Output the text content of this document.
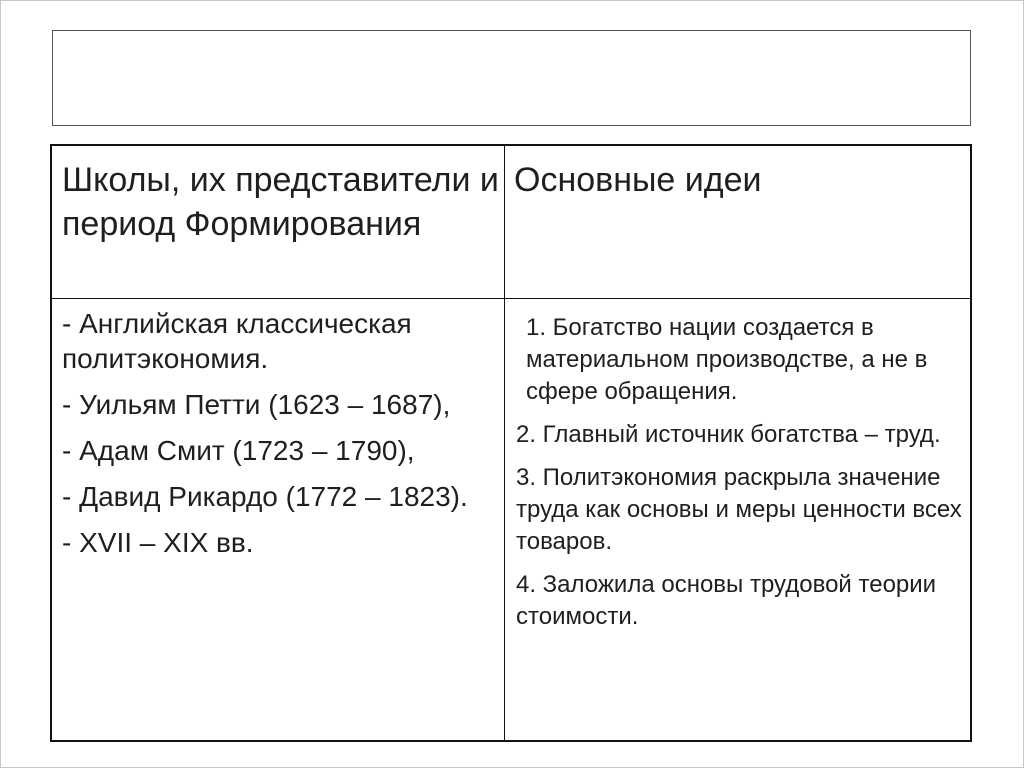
Школы, их представители и период Формирования
Основные идеи
- Английская классическая политэкономия.
- Уильям Петти (1623 – 1687),
- Адам Смит (1723 – 1790),
- Давид Рикардо (1772 – 1823).
- XVII – XIX вв.
1. Богатство нации создается в материальном производстве, а не в сфере обращения.
2. Главный источник богатства – труд.
3. Политэкономия раскрыла значение труда как основы и меры ценности всех товаров.
4. Заложила основы трудовой теории стоимости.
